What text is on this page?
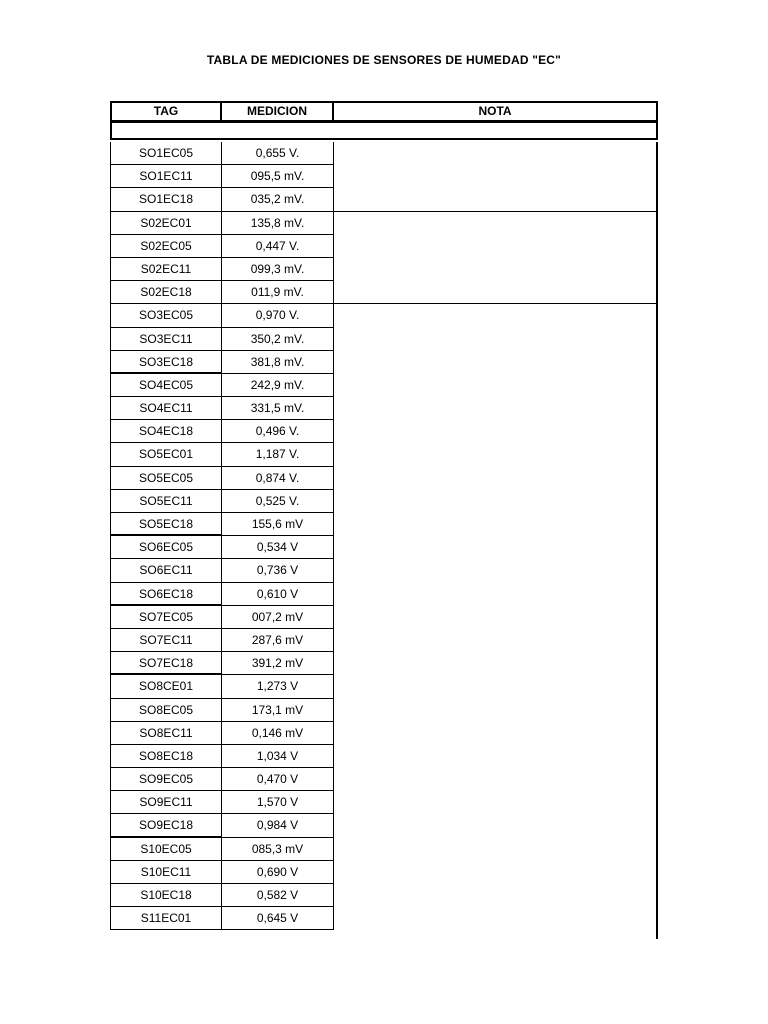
TABLA DE MEDICIONES DE SENSORES DE HUMEDAD "EC"
TAG	MEDICION	NOTA
SO1EC05	0,655 V.
SO1EC11	095,5 mV.
SO1EC18	035,2 mV.
S02EC01	135,8 mV.
S02EC05	0,447 V.
S02EC11	099,3 mV.
S02EC18	011,9 mV.
SO3EC05	0,970 V.
SO3EC11	350,2 mV.
SO3EC18	381,8 mV.
SO4EC05	242,9 mV.
SO4EC11	331,5 mV.
SO4EC18	0,496 V.
SO5EC01	1,187 V.
SO5EC05	0,874 V.
SO5EC11	0,525 V.
SO5EC18	155,6 mV
SO6EC05	0,534 V
SO6EC11	0,736 V
SO6EC18	0,610 V
SO7EC05	007,2 mV
SO7EC11	287,6 mV
SO7EC18	391,2 mV
SO8CE01	1,273 V
SO8EC05	173,1 mV
SO8EC11	0,146 mV
SO8EC18	1,034 V
SO9EC05	0,470 V
SO9EC11	1,570 V
SO9EC18	0,984 V
S10EC05	085,3 mV
S10EC11	0,690 V
S10EC18	0,582 V
S11EC01	0,645 V
